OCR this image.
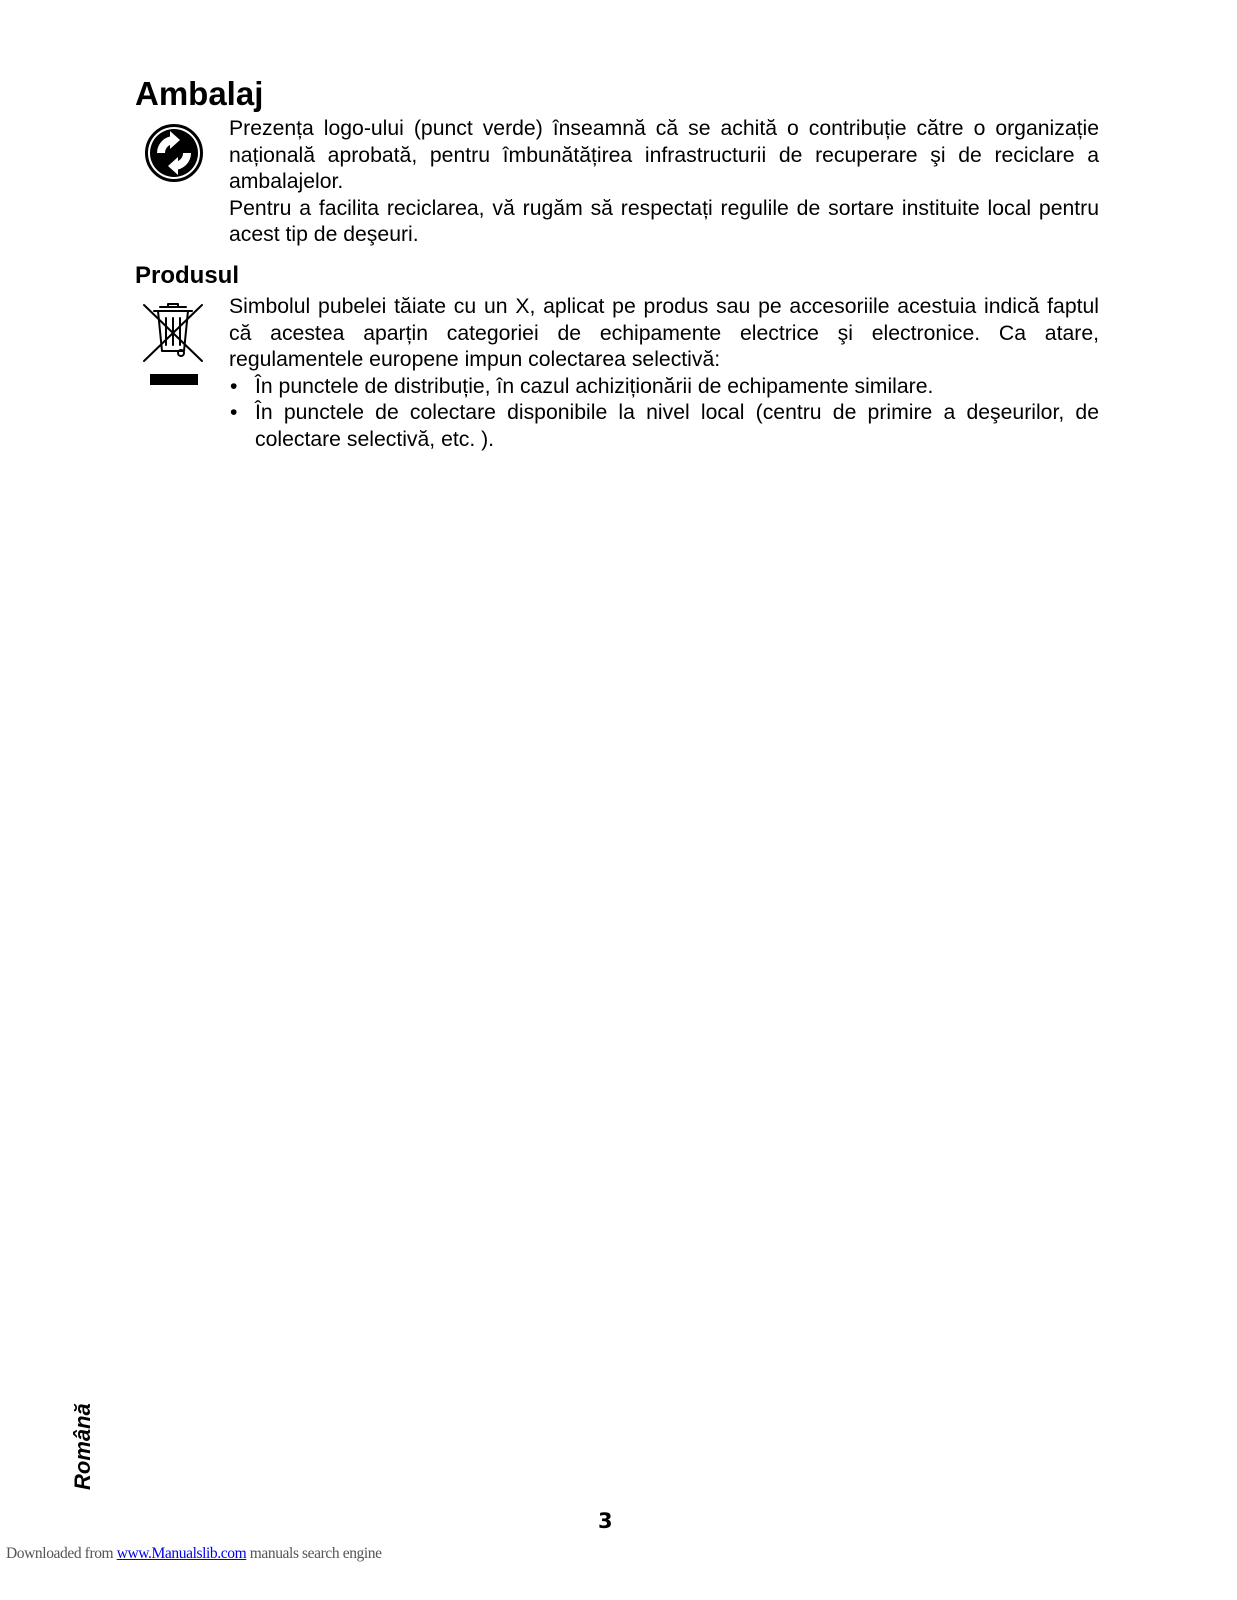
Ambalaj

Prezența logo-ului (punct verde) înseamnă că se achită o contribuție către o organizație națională aprobată, pentru îmbunătățirea infrastructurii de recuperare şi de reciclare a ambalajelor.

Pentru a facilita reciclarea, vă rugăm să respectați regulile de sortare instituite local pentru acest tip de deşeuri.

Produsul

Simbolul pubelei tăiate cu un X, aplicat pe produs sau pe accesoriile acestuia indică faptul că acestea aparțin categoriei de echipamente electrice şi electronice. Ca atare, regulamentele europene impun colectarea selectivă:

• În punctele de distribuție, în cazul achiziționării de echipamente similare.
• În punctele de colectare disponibile la nivel local (centru de primire a deşeurilor, de colectare selectivă, etc. ).
Română
3
Downloaded from www.Manualslib.com manuals search engine
